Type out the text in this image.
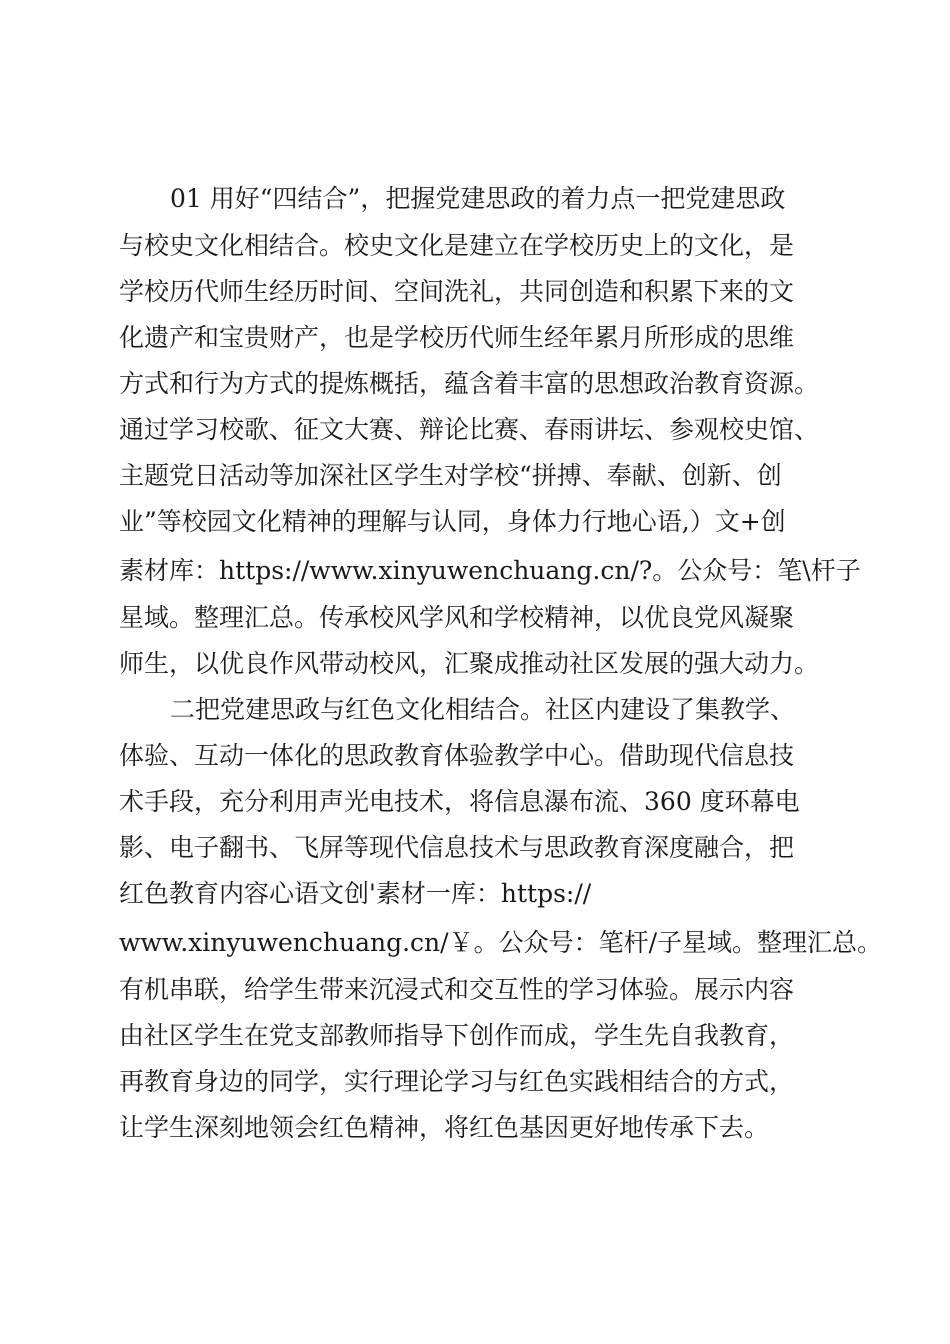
01 用好“四结合”，把握党建思政的着力点一把党建思政
与校史文化相结合。校史文化是建立在学校历史上的文化，是
学校历代师生经历时间、空间洗礼，共同创造和积累下来的文
化遗产和宝贵财产，也是学校历代师生经年累月所形成的思维
方式和行为方式的提炼概括，蕴含着丰富的思想政治教育资源。
通过学习校歌、征文大赛、辩论比赛、春雨讲坛、参观校史馆、
主题党日活动等加深社区学生对学校“拼搏、奉献、创新、创
业”等校园文化精神的理解与认同，身体力行地心语,）文+创
素材库：https://www.xinyuwenchuang.cn/?。公众号：笔\杆子
星域。整理汇总。传承校风学风和学校精神，以优良党风凝聚
师生，以优良作风带动校风，汇聚成推动社区发展的强大动力。
二把党建思政与红色文化相结合。社区内建设了集教学、
体验、互动一体化的思政教育体验教学中心。借助现代信息技
术手段，充分利用声光电技术，将信息瀑布流、360 度环幕电
影、电子翻书、飞屏等现代信息技术与思政教育深度融合，把
红色教育内容心语文创'素材一库：https://
www.xinyuwenchuang.cn/￥。公众号：笔杆/子星域。整理汇总。
有机串联，给学生带来沉浸式和交互性的学习体验。展示内容
由社区学生在党支部教师指导下创作而成，学生先自我教育，
再教育身边的同学，实行理论学习与红色实践相结合的方式，
让学生深刻地领会红色精神，将红色基因更好地传承下去。
